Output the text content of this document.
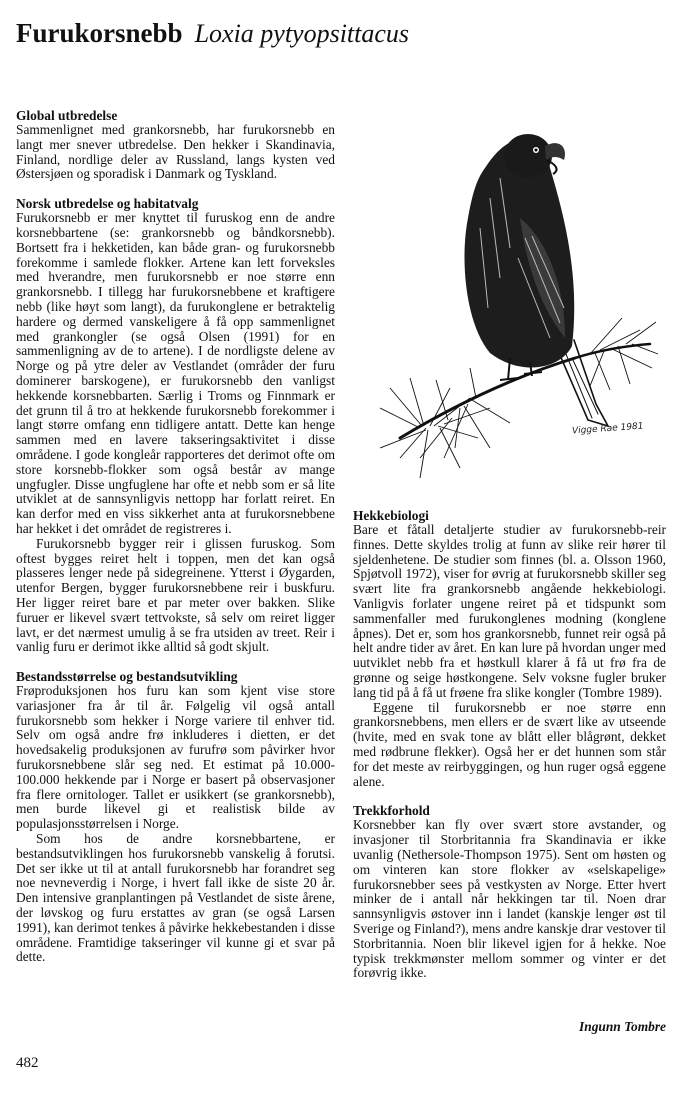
Furukorsnebb Loxia pytyopsittacus
Vigge Rae 1981
Global utbredelse

Sammenlignet med grankorsnebb, har furukorsnebb en langt mer snever utbredelse. Den hekker i Skandinavia, Finland, nordlige deler av Russland, langs kysten ved Østersjøen og sporadisk i Danmark og Tyskland.

Norsk utbredelse og habitatvalg

Furukorsnebb er mer knyttet til furuskog enn de andre korsnebbartene (se: grankorsnebb og båndkorsnebb). Bortsett fra i hekketiden, kan både gran- og furukorsnebb forekomme i samlede flokker. Artene kan lett forveksles med hverandre, men furukorsnebb er noe større enn grankorsnebb. I tillegg har furukorsnebbene et kraftigere nebb (like høyt som langt), da furukonglene er betraktelig hardere og dermed vanskeligere å få opp sammenlignet med grankongler (se også Olsen (1991) for en sammenligning av de to artene). I de nordligste delene av Norge og på ytre deler av Vestlandet (områder der furu dominerer barskogene), er furukorsnebb den vanligst hekkende korsnebbarten. Særlig i Troms og Finnmark er det grunn til å tro at hekkende furukorsnebb forekommer i langt større omfang enn tidligere antatt. Dette kan henge sammen med en lavere takseringsaktivitet i disse områdene. I gode kongleår rapporteres det derimot ofte om store korsnebb-flokker som også består av mange ungfugler. Disse ungfuglene har ofte et nebb som er så lite utviklet at de sannsynligvis nettopp har forlatt reiret. En kan derfor med en viss sikkerhet anta at furukorsnebbene har hekket i det området de registreres i.

Furukorsnebb bygger reir i glissen furuskog. Som oftest bygges reiret helt i toppen, men det kan også plasseres lenger nede på sidegreinene. Ytterst i Øygarden, utenfor Bergen, bygger furukorsnebbene reir i buskfuru. Her ligger reiret bare et par meter over bakken. Slike furuer er likevel svært tettvokste, så selv om reiret ligger lavt, er det nærmest umulig å se fra utsiden av treet. Reir i vanlig furu er derimot ikke alltid så godt skjult.

Bestandsstørrelse og bestandsutvikling

Frøproduksjonen hos furu kan som kjent vise store variasjoner fra år til år. Følgelig vil også antall furukorsnebb som hekker i Norge variere til enhver tid. Selv om også andre frø inkluderes i dietten, er det hovedsakelig produksjonen av furufrø som påvirker hvor furukorsnebbene slår seg ned. Et estimat på 10.000-100.000 hekkende par i Norge er basert på observasjoner fra flere ornitologer. Tallet er usikkert (se grankorsnebb), men burde likevel gi et realistisk bilde av populasjonsstørrelsen i Norge.

Som hos de andre korsnebbartene, er bestandsutviklingen hos furukorsnebb vanskelig å forutsi. Det ser ikke ut til at antall furukorsnebb har forandret seg noe nevneverdig i Norge, i hvert fall ikke de siste 20 år. Den intensive granplantingen på Vestlandet de siste årene, der løvskog og furu erstattes av gran (se også Larsen 1991), kan derimot tenkes å påvirke hekkebestanden i disse områdene. Framtidige takseringer vil kunne gi et svar på dette.

Hekkebiologi

Bare et fåtall detaljerte studier av furukorsnebb-reir finnes. Dette skyldes trolig at funn av slike reir hører til sjeldenhetene. De studier som finnes (bl. a. Olsson 1960, Spjøtvoll 1972), viser for øvrig at furukorsnebb skiller seg svært lite fra grankorsnebb angående hekkebiologi. Vanligvis forlater ungene reiret på et tidspunkt som sammenfaller med furukonglenes modning (konglene åpnes). Det er, som hos grankorsnebb, funnet reir også på helt andre tider av året. En kan lure på hvordan unger med uutviklet nebb fra et høstkull klarer å få ut frø fra de grønne og seige høstkongene. Selv voksne fugler bruker lang tid på å få ut frøene fra slike kongler (Tombre 1989).

Eggene til furukorsnebb er noe større enn grankorsnebbens, men ellers er de svært like av utseende (hvite, med en svak tone av blått eller blågrønt, dekket med rødbrune flekker). Også her er det hunnen som står for det meste av reirbyggingen, og hun ruger også eggene alene.

Trekkforhold

Korsnebber kan fly over svært store avstander, og invasjoner til Storbritannia fra Skandinavia er ikke uvanlig (Nethersole-Thompson 1975). Sent om høsten og om vinteren kan store flokker av «selskapelige» furukorsnebber sees på vestkysten av Norge. Etter hvert minker de i antall når hekkingen tar til. Noen drar sannsynligvis østover inn i landet (kanskje lenger øst til Sverige og Finland?), mens andre kanskje drar vestover til Storbritannia. Noen blir likevel igjen for å hekke. Noe typisk trekkmønster mellom sommer og vinter er det forøvrig ikke.

Ingunn Tombre
482
